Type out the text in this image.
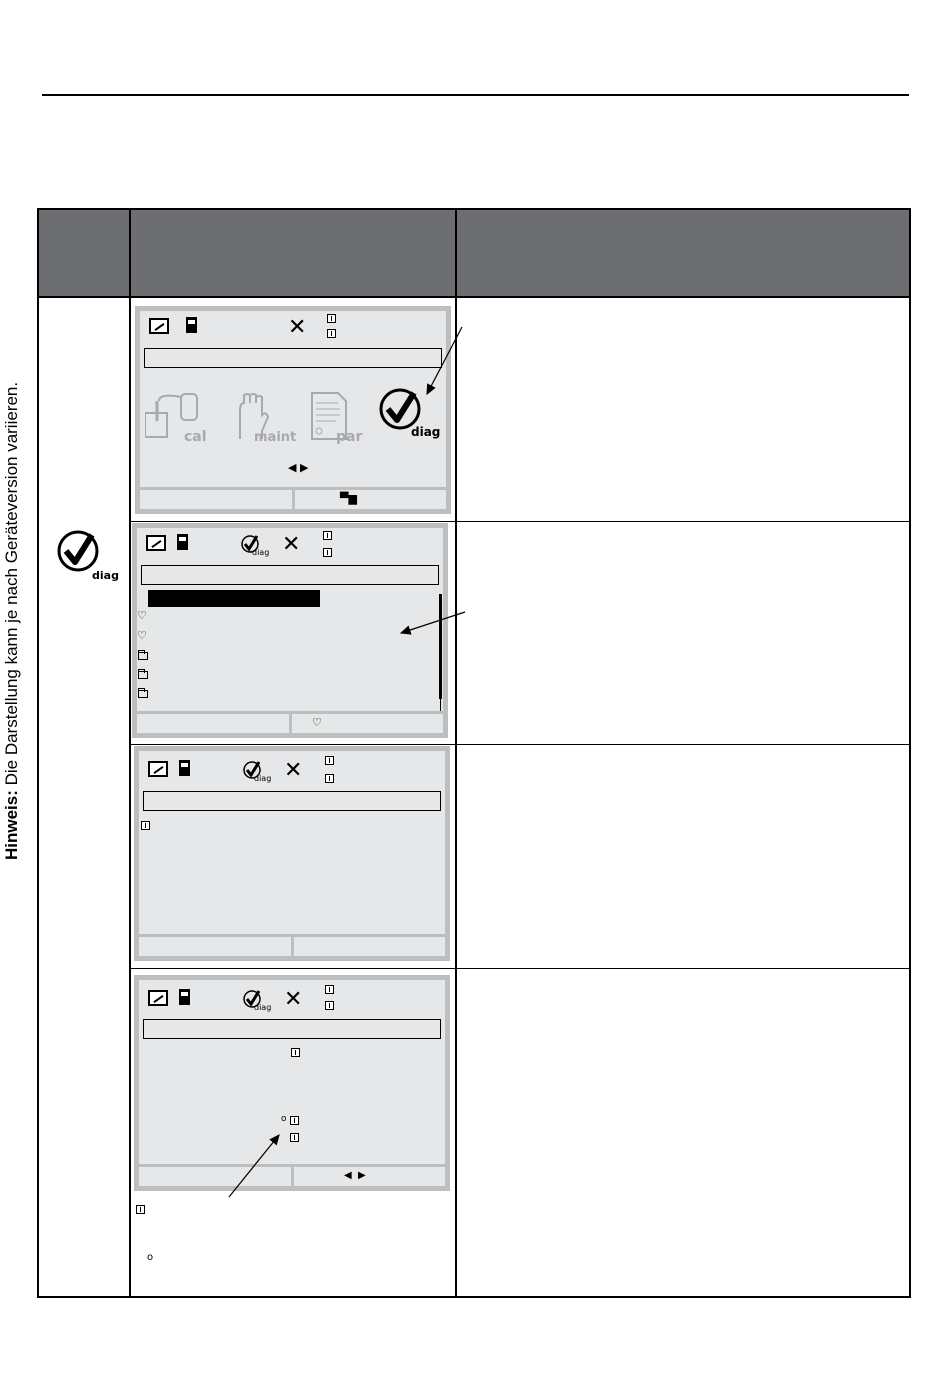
Hinweis: Die Darstellung kann je nach Geräteversion variieren.	diag
✕
cal	maint	par	diag
◀ ▶
▀▆
diag ✕
♡
♡
♡
diag ✕
diag ✕
o
◀  ▶
o
